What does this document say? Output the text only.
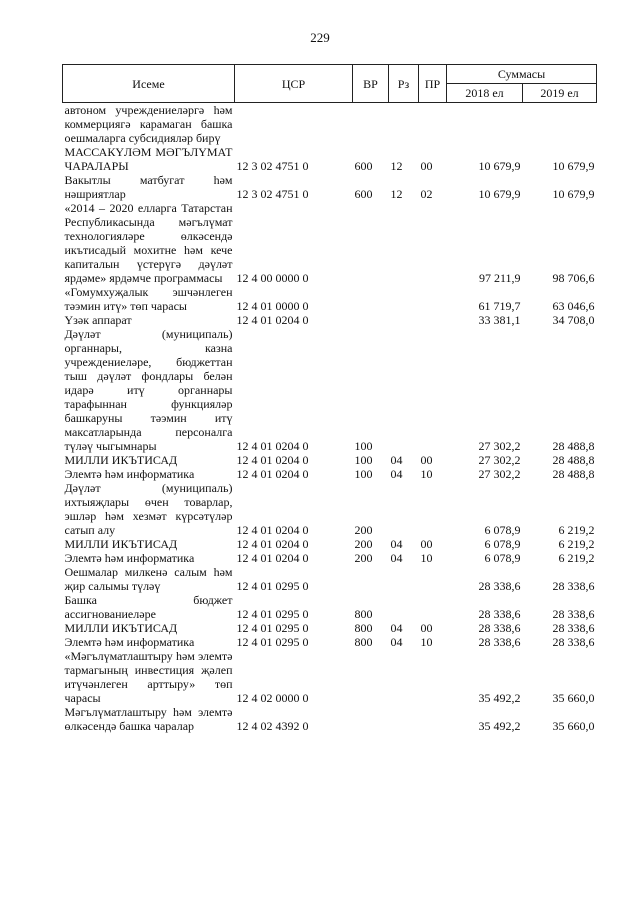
229
Исеме	ЦСР	ВР	Рз	ПР	Суммасы	
					2018 ел	2019 ел
автоном учреждениеләргә һәм коммерциягә карамаган башка оешмаларга субсидияләр бирү						
МАССАКҮЛӘМ МӘГЪЛҮМАТ ЧАРАЛАРЫ	12 3 02 4751 0	600	12	00	10 679,9	10 679,9
Вакытлы матбугат һәм нәшриятлар	12 3 02 4751 0	600	12	02	10 679,9	10 679,9
«2014 – 2020 елларга Татарстан Республикасында мәгълүмат технологияләре өлкәсендә икътисадый мохитне һәм кече капиталын үстерүгә дәүләт ярдәме» ярдәмче программасы	12 4 00 0000 0				97 211,9	98 706,6
«Гомумхуҗалык эшчәнлеген тәэмин итү» төп чарасы	12 4 01 0000 0				61 719,7	63 046,6
Үзәк аппарат	12 4 01 0204 0				33 381,1	34 708,0
Дәүләт (муниципаль) органнары, казна учреждениеләре, бюджеттан тыш дәүләт фондлары белән идарә итү органнары тарафыннан функцияләр башкаруны тәэмин итү максатларында персоналга түләү чыгымнары	12 4 01 0204 0	100			27 302,2	28 488,8
МИЛЛИ ИКЪТИСАД	12 4 01 0204 0	100	04	00	27 302,2	28 488,8
Элемтә һәм информатика	12 4 01 0204 0	100	04	10	27 302,2	28 488,8
Дәүләт (муниципаль) ихтыяҗлары өчен товарлар, эшләр һәм хезмәт күрсәтүләр сатып алу	12 4 01 0204 0	200			6 078,9	6 219,2
МИЛЛИ ИКЪТИСАД	12 4 01 0204 0	200	04	00	6 078,9	6 219,2
Элемтә һәм информатика	12 4 01 0204 0	200	04	10	6 078,9	6 219,2
Оешмалар милкенә салым һәм җир салымы түләү	12 4 01 0295 0				28 338,6	28 338,6
Башка бюджет ассигнованиеләре	12 4 01 0295 0	800			28 338,6	28 338,6
МИЛЛИ ИКЪТИСАД	12 4 01 0295 0	800	04	00	28 338,6	28 338,6
Элемтә һәм информатика	12 4 01 0295 0	800	04	10	28 338,6	28 338,6
«Мәгълүматлаштыру һәм элемтә тармагының инвестиция җәлеп итүчәнлеген арттыру» төп чарасы	12 4 02 0000 0				35 492,2	35 660,0
Мәгълүматлаштыру һәм элемтә өлкәсендә башка чаралар	12 4 02 4392 0				35 492,2	35 660,0
